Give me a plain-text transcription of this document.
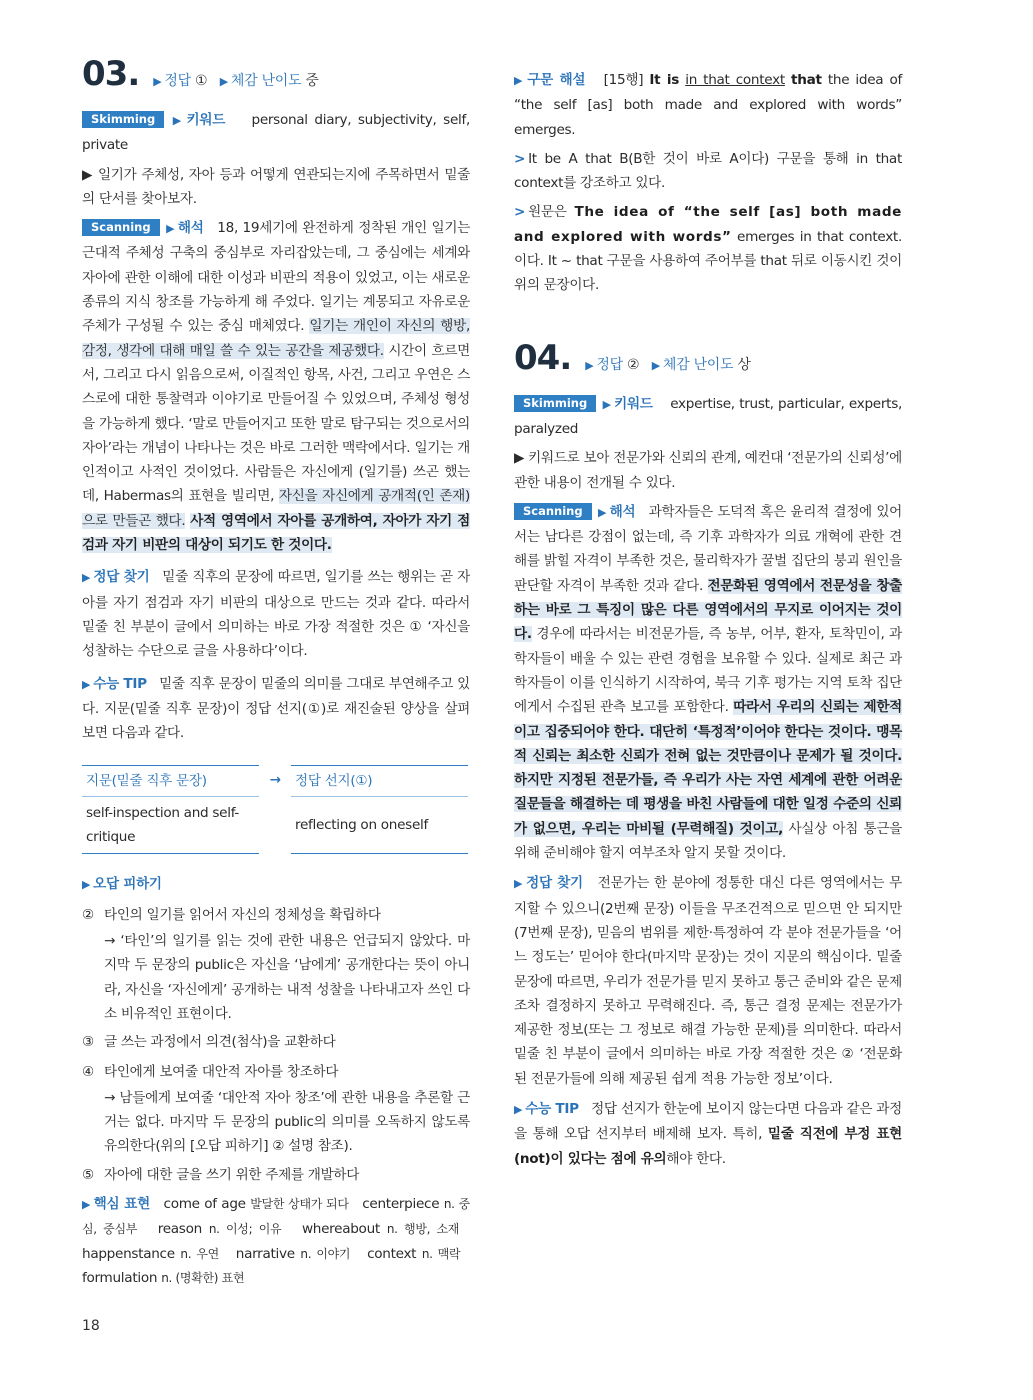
03. ▶ 정답 ① ▶ 체감 난이도 중
Skimming ▶ 키워드 personal diary, subjectivity, self, private
▶ 일기가 주체성, 자아 등과 어떻게 연관되는지에 주목하면서 밑줄의 단서를 찾아보자.
Scanning ▶ 해석 18, 19세기에 완전하게 정착된 개인 일기는 근대적 주체성 구축의 중심부로 자리잡았는데, 그 중심에는 세계와 자아에 관한 이해에 대한 이성과 비판의 적용이 있었고, 이는 새로운 종류의 지식 창조를 가능하게 해 주었다. 일기는 계몽되고 자유로운 주체가 구성될 수 있는 중심 매체였다. 일기는 개인이 자신의 행방, 감정, 생각에 대해 매일 쓸 수 있는 공간을 제공했다. 시간이 흐르면서, 그리고 다시 읽음으로써, 이질적인 항목, 사건, 그리고 우연은 스스로에 대한 통찰력과 이야기로 만들어질 수 있었으며, 주체성 형성을 가능하게 했다. ‘말로 만들어지고 또한 말로 탐구되는 것으로서의 자아’라는 개념이 나타나는 것은 바로 그러한 맥락에서다. 일기는 개인적이고 사적인 것이었다. 사람들은 자신에게 (일기를) 쓰곤 했는데, Habermas의 표현을 빌리면, 자신을 자신에게 공개적(인 존재)으로 만들곤 했다. 사적 영역에서 자아를 공개하여, 자아가 자기 점검과 자기 비판의 대상이 되기도 한 것이다.
▶ 정답 찾기 밑줄 직후의 문장에 따르면, 일기를 쓰는 행위는 곧 자아를 자기 점검과 자기 비판의 대상으로 만드는 것과 같다. 따라서 밑줄 친 부분이 글에서 의미하는 바로 가장 적절한 것은 ① ‘자신을 성찰하는 수단으로 글을 사용하다’이다.
▶ 수능 TIP 밑줄 직후 문장이 밑줄의 의미를 그대로 부연해주고 있다. 지문(밑줄 직후 문장)이 정답 선지(①)로 재진술된 양상을 살펴보면 다음과 같다.
지문(밑줄 직후 문장)	→	정답 선지(①)
self-inspection and self-critique
reflecting on oneself
▶ 오답 피하기
② 타인의 일기를 읽어서 자신의 정체성을 확립하다
→ ‘타인’의 일기를 읽는 것에 관한 내용은 언급되지 않았다. 마지막 두 문장의 public은 자신을 ‘남에게’ 공개한다는 뜻이 아니라, 자신을 ‘자신에게’ 공개하는 내적 성찰을 나타내고자 쓰인 다소 비유적인 표현이다.
③ 글 쓰는 과정에서 의견(첨삭)을 교환하다
④ 타인에게 보여줄 대안적 자아를 창조하다
→ 남들에게 보여줄 ‘대안적 자아 창조’에 관한 내용을 추론할 근거는 없다. 마지막 두 문장의 public의 의미를 오독하지 않도록 유의한다(위의 [오답 피하기] ② 설명 참조).
⑤ 자아에 대한 글을 쓰기 위한 주제를 개발하다
▶ 핵심 표현 come of age 발달한 상태가 되다 centerpiece n. 중심, 중심부 reason n. 이성; 이유 whereabout n. 행방, 소재   happenstance n. 우연 narrative n. 이야기 context n. 맥락   formulation n. (명확한) 표현
▶ 구문 해설 [15행] It is in that context that the idea of “the self [as] both made and explored with words” emerges.
> It be A that B(B한 것이 바로 A이다) 구문을 통해 in that context를 강조하고 있다.
> 원문은 The idea of “the self [as] both made and explored with words” emerges in that context.이다. It ~ that 구문을 사용하여 주어부를 that 뒤로 이동시킨 것이 위의 문장이다.
04. ▶ 정답 ② ▶ 체감 난이도 상
Skimming ▶ 키워드 expertise, trust, particular, experts, paralyzed
▶ 키워드로 보아 전문가와 신뢰의 관계, 예컨대 ‘전문가의 신뢰성’에 관한 내용이 전개될 수 있다.
Scanning ▶ 해석 과학자들은 도덕적 혹은 윤리적 결정에 있어서는 남다른 강점이 없는데, 즉 기후 과학자가 의료 개혁에 관한 견해를 밝힐 자격이 부족한 것은, 물리학자가 꿀벌 집단의 붕괴 원인을 판단할 자격이 부족한 것과 같다. 전문화된 영역에서 전문성을 창출하는 바로 그 특징이 많은 다른 영역에서의 무지로 이어지는 것이다. 경우에 따라서는 비전문가들, 즉 농부, 어부, 환자, 토착민이, 과학자들이 배울 수 있는 관련 경험을 보유할 수 있다. 실제로 최근 과학자들이 이를 인식하기 시작하여, 북극 기후 평가는 지역 토착 집단에게서 수집된 관측 보고를 포함한다. 따라서 우리의 신뢰는 제한적이고 집중되어야 한다. 대단히 ‘특정적’이어야 한다는 것이다. 맹목적 신뢰는 최소한 신뢰가 전혀 없는 것만큼이나 문제가 될 것이다. 하지만 지정된 전문가들, 즉 우리가 사는 자연 세계에 관한 어려운 질문들을 해결하는 데 평생을 바친 사람들에 대한 일정 수준의 신뢰가 없으면, 우리는 마비될 (무력해질) 것이고, 사실상 아침 통근을 위해 준비해야 할지 여부조차 알지 못할 것이다.
▶ 정답 찾기 전문가는 한 분야에 정통한 대신 다른 영역에서는 무지할 수 있으니(2번째 문장) 이들을 무조건적으로 믿으면 안 되지만(7번째 문장), 믿음의 범위를 제한·특정하여 각 분야 전문가들을 ‘어느 정도는’ 믿어야 한다(마지막 문장)는 것이 지문의 핵심이다. 밑줄 문장에 따르면, 우리가 전문가를 믿지 못하고 통근 준비와 같은 문제조차 결정하지 못하고 무력해진다. 즉, 통근 결정 문제는 전문가가 제공한 정보(또는 그 정보로 해결 가능한 문제)를 의미한다. 따라서 밑줄 친 부분이 글에서 의미하는 바로 가장 적절한 것은 ② ‘전문화된 전문가들에 의해 제공된 쉽게 적용 가능한 정보’이다.
▶ 수능 TIP 정답 선지가 한눈에 보이지 않는다면 다음과 같은 과정을 통해 오답 선지부터 배제해 보자. 특히, 밑줄 직전에 부정 표현(not)이 있다는 점에 유의해야 한다.
18
